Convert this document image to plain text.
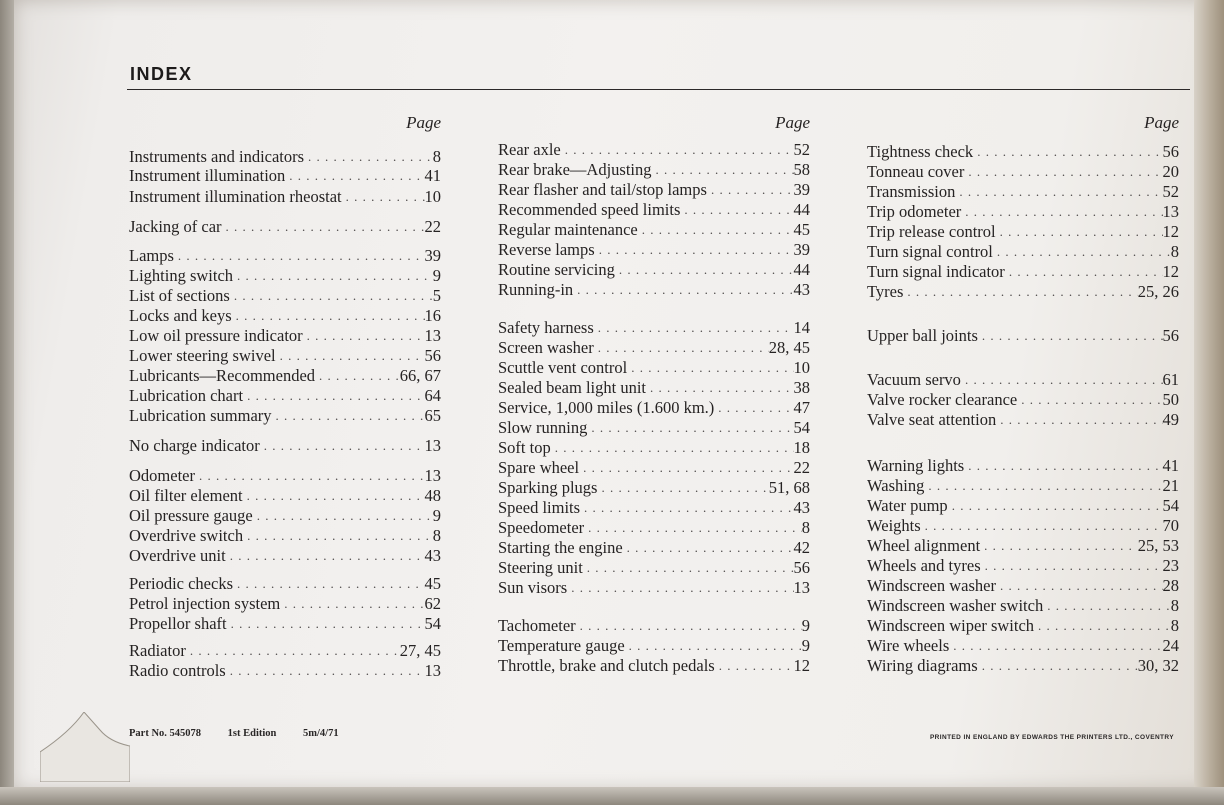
INDEX
Page
Instruments and indicators . . .	8
Instrument illumination . . .	41
Instrument illumination rheostat . . .	10
Jacking of car . . .	22
Lamps . . .	39
Lighting switch . . .	9
List of sections . . .	5
Locks and keys . . .	16
Low oil pressure indicator . . .	13
Lower steering swivel . . .	56
Lubricants—Recommended . . .	66, 67
Lubrication chart . . .	64
Lubrication summary . . .	65
No charge indicator . . .	13
Odometer . . .	13
Oil filter element . . .	48
Oil pressure gauge . . .	9
Overdrive switch . . .	8
Overdrive unit . . .	43
Periodic checks . . .	45
Petrol injection system . . .	62
Propellor shaft . . .	54
Radiator . . .	27, 45
Radio controls . . .	13
Page
Rear axle . . .	52
Rear brake—Adjusting . . .	58
Rear flasher and tail/stop lamps . . .	39
Recommended speed limits . . .	44
Regular maintenance . . .	45
Reverse lamps . . .	39
Routine servicing . . .	44
Running-in . . .	43
Safety harness . . .	14
Screen washer . . .	28, 45
Scuttle vent control . . .	10
Sealed beam light unit . . .	38
Service, 1,000 miles (1.600 km.) . . .	47
Slow running . . .	54
Soft top . . .	18
Spare wheel . . .	22
Sparking plugs . . .	51, 68
Speed limits . . .	43
Speedometer . . .	8
Starting the engine . . .	42
Steering unit . . .	56
Sun visors . . .	13
Tachometer . . .	9
Temperature gauge . . .	9
Throttle, brake and clutch pedals . . .	12
Page
Tightness check . . .	56
Tonneau cover . . .	20
Transmission . . .	52
Trip odometer . . .	13
Trip release control . . .	12
Turn signal control . . .	8
Turn signal indicator . . .	12
Tyres . . .	25, 26
Upper ball joints . . .	56
Vacuum servo . . .	61
Valve rocker clearance . . .	50
Valve seat attention . . .	49
Warning lights . . .	41
Washing . . .	21
Water pump . . .	54
Weights . . .	70
Wheel alignment . . .	25, 53
Wheels and tyres . . .	23
Windscreen washer . . .	28
Windscreen washer switch . . .	8
Windscreen wiper switch . . .	8
Wire wheels . . .	24
Wiring diagrams . . .	30, 32
Part No. 545078	1st Edition	5m/4/71	PRINTED IN ENGLAND BY EDWARDS THE PRINTERS LTD., COVENTRY
